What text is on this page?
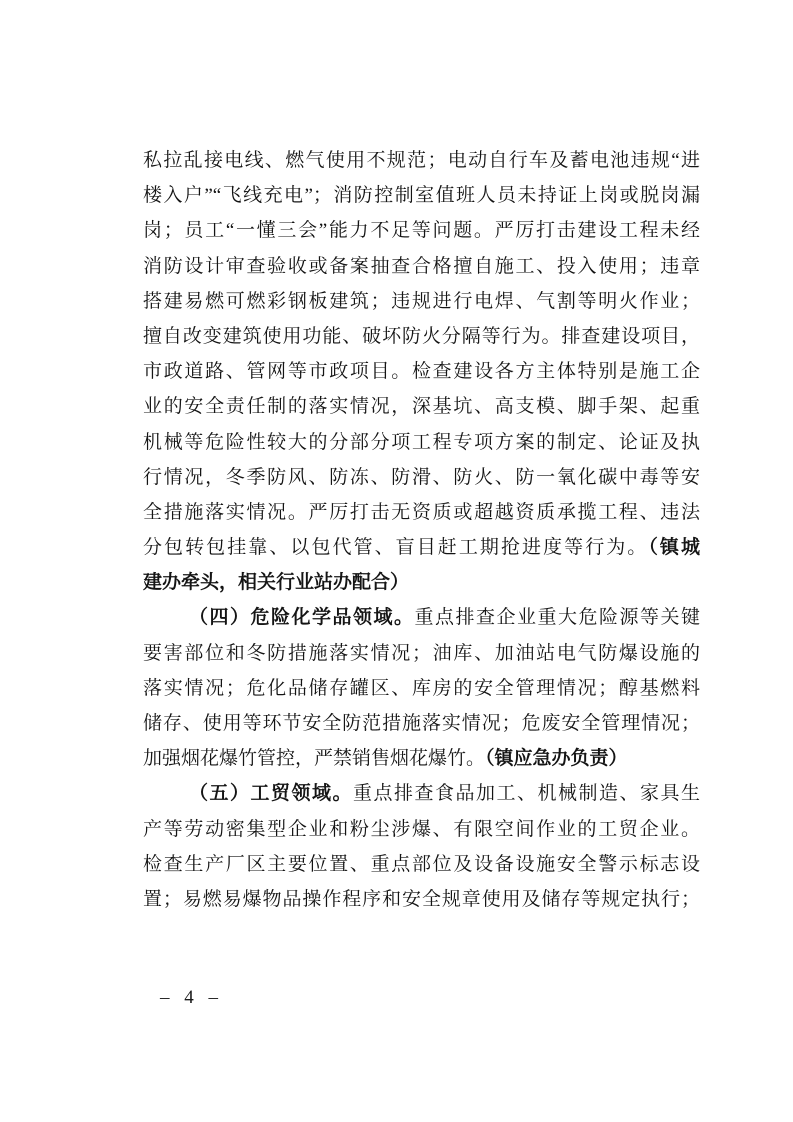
私拉乱接电线、燃气使用不规范；电动自行车及蓄电池违规“进
楼入户”“飞线充电”；消防控制室值班人员未持证上岗或脱岗漏
岗；员工“一懂三会”能力不足等问题。严厉打击建设工程未经
消防设计审查验收或备案抽查合格擅自施工、投入使用；违章
搭建易燃可燃彩钢板建筑；违规进行电焊、气割等明火作业；
擅自改变建筑使用功能、破坏防火分隔等行为。排查建设项目，
市政道路、管网等市政项目。检查建设各方主体特别是施工企
业的安全责任制的落实情况，深基坑、高支模、脚手架、起重
机械等危险性较大的分部分项工程专项方案的制定、论证及执
行情况，冬季防风、防冻、防滑、防火、防一氧化碳中毒等安
全措施落实情况。严厉打击无资质或超越资质承揽工程、违法
分包转包挂靠、以包代管、盲目赶工期抢进度等行为。（镇城
建办牵头，相关行业站办配合）
（四）危险化学品领域。重点排查企业重大危险源等关键
要害部位和冬防措施落实情况；油库、加油站电气防爆设施的
落实情况；危化品储存罐区、库房的安全管理情况；醇基燃料
储存、使用等环节安全防范措施落实情况；危废安全管理情况；
加强烟花爆竹管控，严禁销售烟花爆竹。（镇应急办负责）
（五）工贸领域。重点排查食品加工、机械制造、家具生
产等劳动密集型企业和粉尘涉爆、有限空间作业的工贸企业。
检查生产厂区主要位置、重点部位及设备设施安全警示标志设
置；易燃易爆物品操作程序和安全规章使用及储存等规定执行；
– 4 –
